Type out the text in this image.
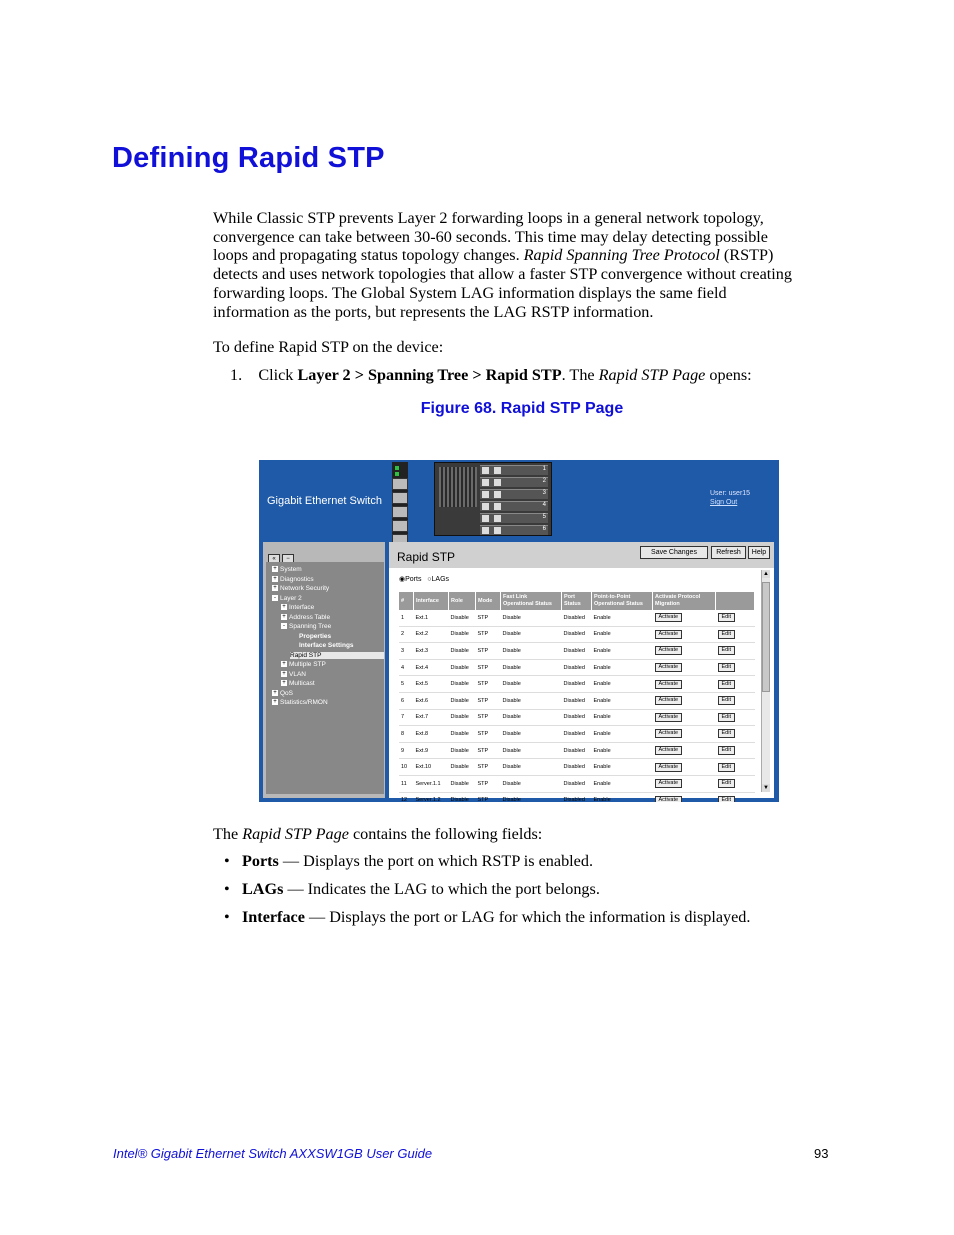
Defining Rapid STP
While Classic STP prevents Layer 2 forwarding loops in a general network topology,
convergence can take between 30-60 seconds. This time may delay detecting possible
loops and propagating status topology changes. Rapid Spanning Tree Protocol (RSTP)
detects and uses network topologies that allow a faster STP convergence without creating
forwarding loops. The Global System LAG information displays the same field
information as the ports, but represents the LAG RSTP information.
To define Rapid STP on the device:
1. Click Layer 2 > Spanning Tree > Rapid STP. The Rapid STP Page opens:
Figure 68. Rapid STP Page
Gigabit Ethernet Switch
User: user15
Sign Out
1
2
3
4
5
6
« −
+ System
+ Diagnostics
+ Network Security
- Layer 2
+ Interface
+ Address Table
- Spanning Tree
Properties
Interface Settings
Rapid STP
+ Multiple STP
+ VLAN
+ Multicast
+ QoS
+ Statistics/RMON
Rapid STP	Save Changes	Refresh	Help
◉Ports ○LAGs
#	Interface	Role	Mode	Fast Link Operational Status	Port Status	Point-to-Point Operational Status	Activate Protocol Migration	
1	Ext.1	Disable	STP	Disable	Disabled	Enable	Activate	Edit
2	Ext.2	Disable	STP	Disable	Disabled	Enable	Activate	Edit
3	Ext.3	Disable	STP	Disable	Disabled	Enable	Activate	Edit
4	Ext.4	Disable	STP	Disable	Disabled	Enable	Activate	Edit
5	Ext.5	Disable	STP	Disable	Disabled	Enable	Activate	Edit
6	Ext.6	Disable	STP	Disable	Disabled	Enable	Activate	Edit
7	Ext.7	Disable	STP	Disable	Disabled	Enable	Activate	Edit
8	Ext.8	Disable	STP	Disable	Disabled	Enable	Activate	Edit
9	Ext.9	Disable	STP	Disable	Disabled	Enable	Activate	Edit
10	Ext.10	Disable	STP	Disable	Disabled	Enable	Activate	Edit
11	Server.1.1	Disable	STP	Disable	Disabled	Enable	Activate	Edit
12	Server.1.2	Disable	STP	Disable	Disabled	Enable	Activate	Edit
▲
▼
The Rapid STP Page contains the following fields:
• Ports — Displays the port on which RSTP is enabled.
• LAGs — Indicates the LAG to which the port belongs.
• Interface — Displays the port or LAG for which the information is displayed.
Intel® Gigabit Ethernet Switch AXXSW1GB User Guide	93
